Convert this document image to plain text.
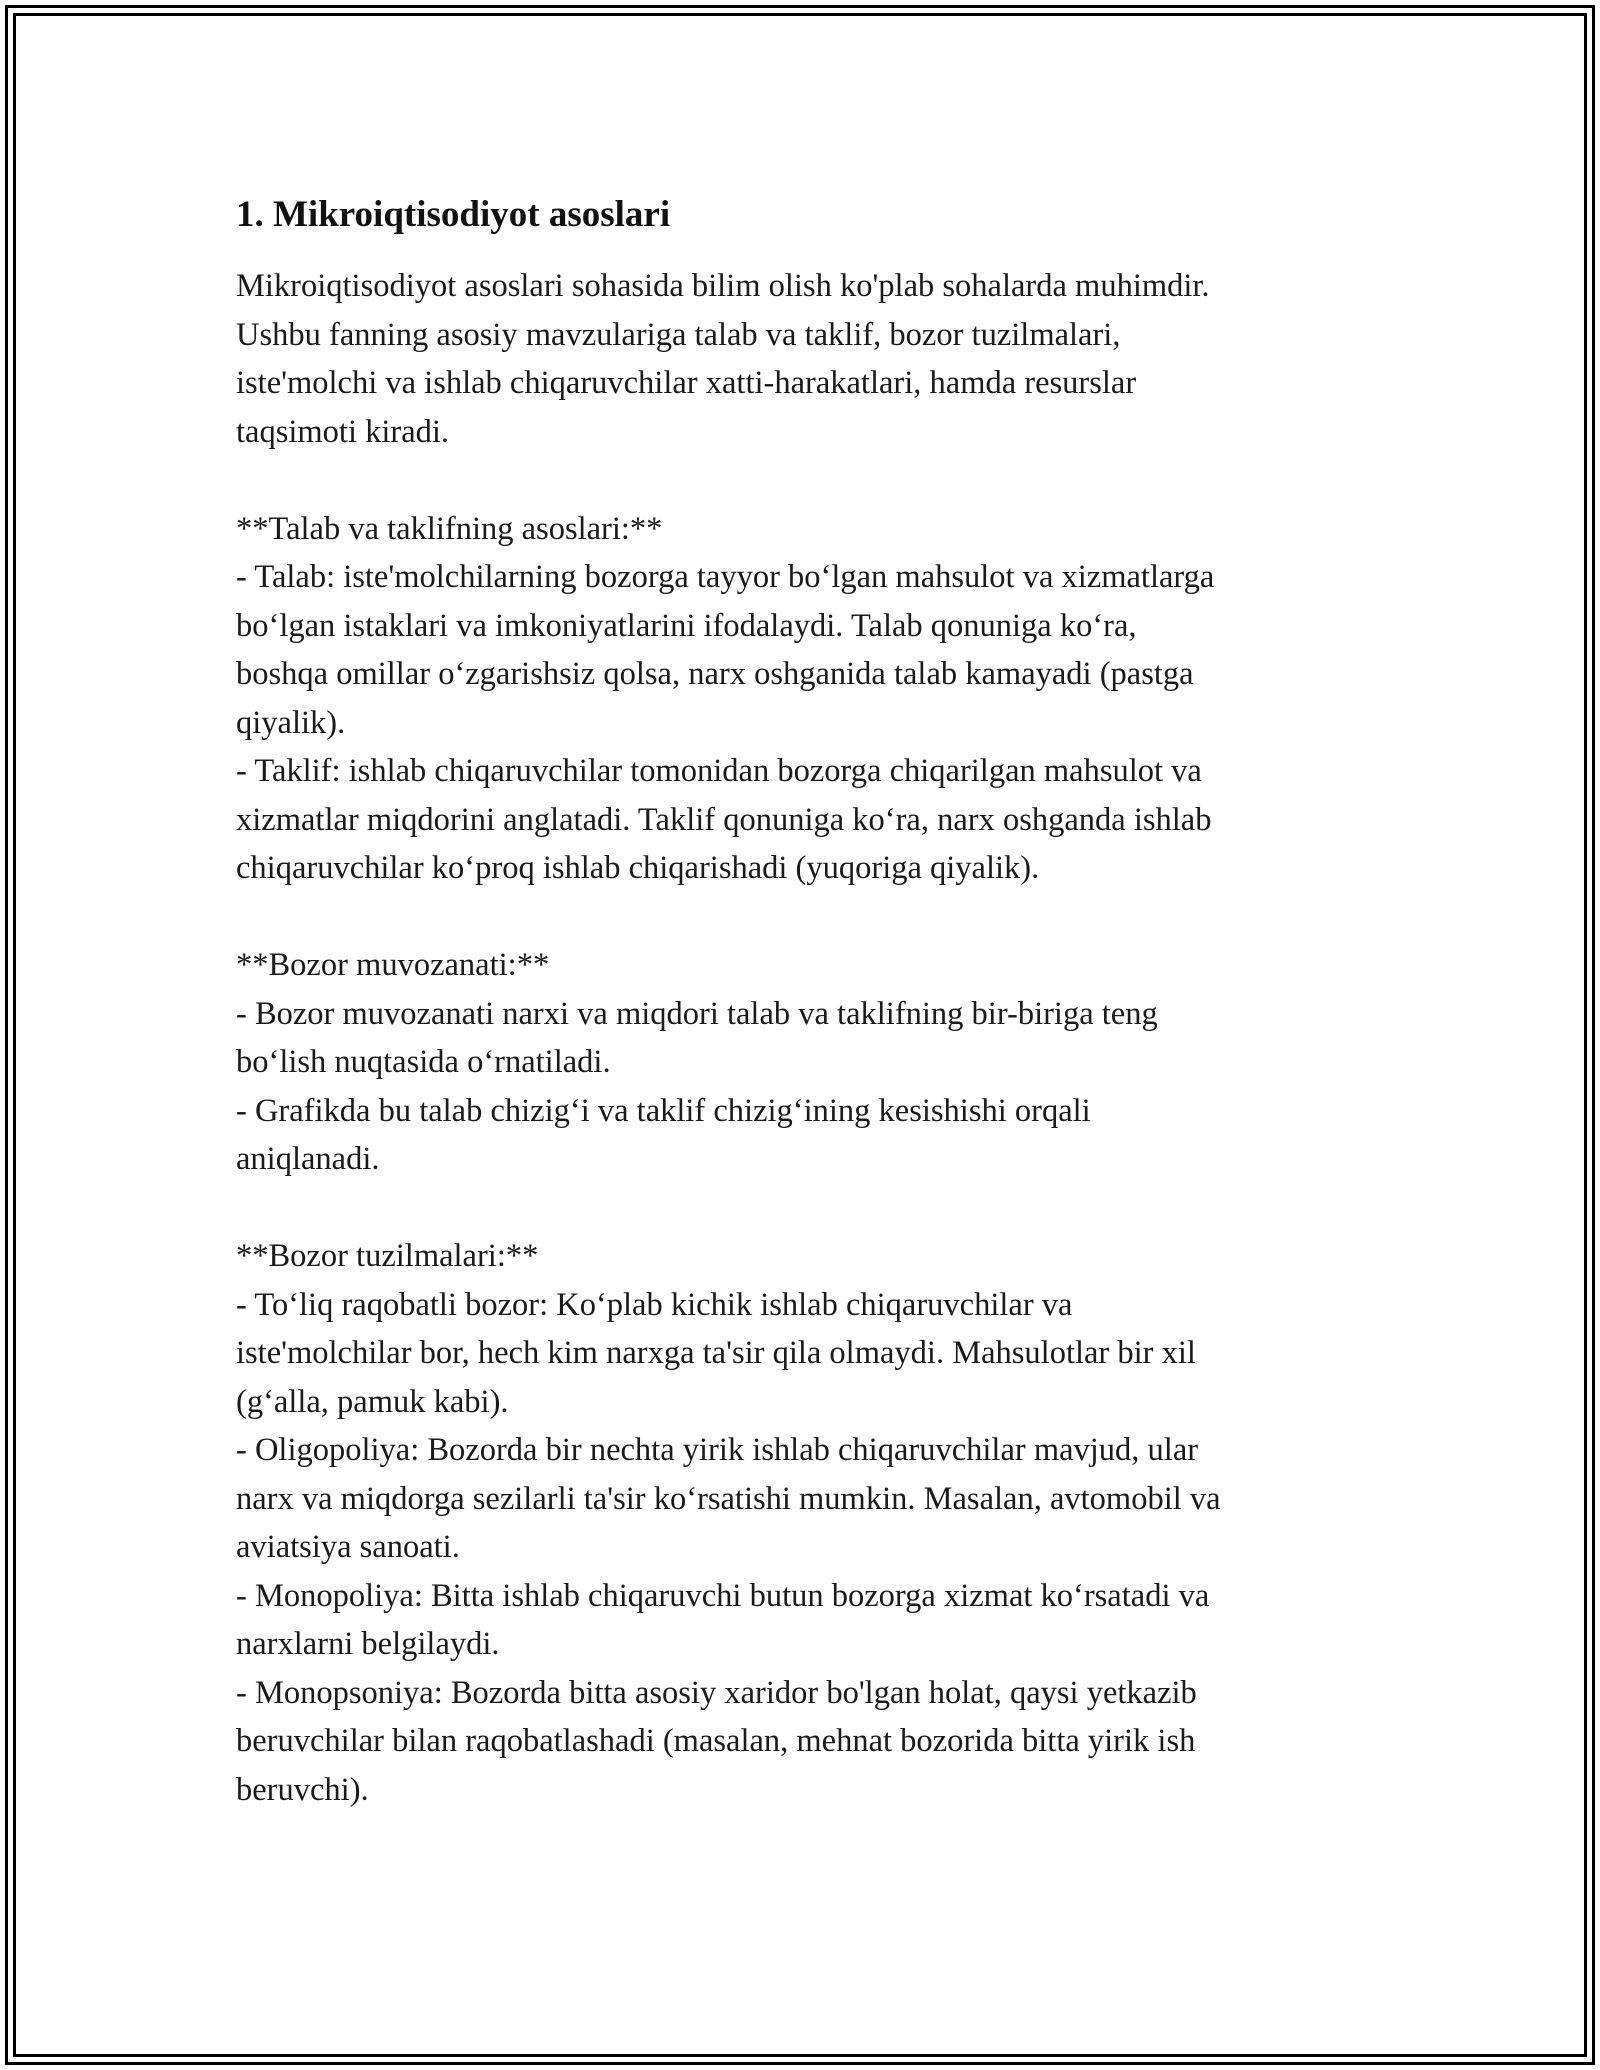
1. Mikroiqtisodiyot asoslari

Mikroiqtisodiyot asoslari sohasida bilim olish ko'plab sohalarda muhimdir.
Ushbu fanning asosiy mavzulariga talab va taklif, bozor tuzilmalari,
iste'molchi va ishlab chiqaruvchilar xatti-harakatlari, hamda resurslar
taqsimoti kiradi.

**Talab va taklifning asoslari:**
- Talab: iste'molchilarning bozorga tayyor bo‘lgan mahsulot va xizmatlarga
bo‘lgan istaklari va imkoniyatlarini ifodalaydi. Talab qonuniga ko‘ra,
boshqa omillar o‘zgarishsiz qolsa, narx oshganida talab kamayadi (pastga
qiyalik).
- Taklif: ishlab chiqaruvchilar tomonidan bozorga chiqarilgan mahsulot va
xizmatlar miqdorini anglatadi. Taklif qonuniga ko‘ra, narx oshganda ishlab
chiqaruvchilar ko‘proq ishlab chiqarishadi (yuqoriga qiyalik).

**Bozor muvozanati:**
- Bozor muvozanati narxi va miqdori talab va taklifning bir-biriga teng
bo‘lish nuqtasida o‘rnatiladi.
- Grafikda bu talab chizig‘i va taklif chizig‘ining kesishishi orqali
aniqlanadi.

**Bozor tuzilmalari:**
- To‘liq raqobatli bozor: Ko‘plab kichik ishlab chiqaruvchilar va
iste'molchilar bor, hech kim narxga ta'sir qila olmaydi. Mahsulotlar bir xil
(g‘alla, pamuk kabi).
- Oligopoliya: Bozorda bir nechta yirik ishlab chiqaruvchilar mavjud, ular
narx va miqdorga sezilarli ta'sir ko‘rsatishi mumkin. Masalan, avtomobil va
aviatsiya sanoati.
- Monopoliya: Bitta ishlab chiqaruvchi butun bozorga xizmat ko‘rsatadi va
narxlarni belgilaydi.
- Monopsoniya: Bozorda bitta asosiy xaridor bo'lgan holat, qaysi yetkazib
beruvchilar bilan raqobatlashadi (masalan, mehnat bozorida bitta yirik ish
beruvchi).
